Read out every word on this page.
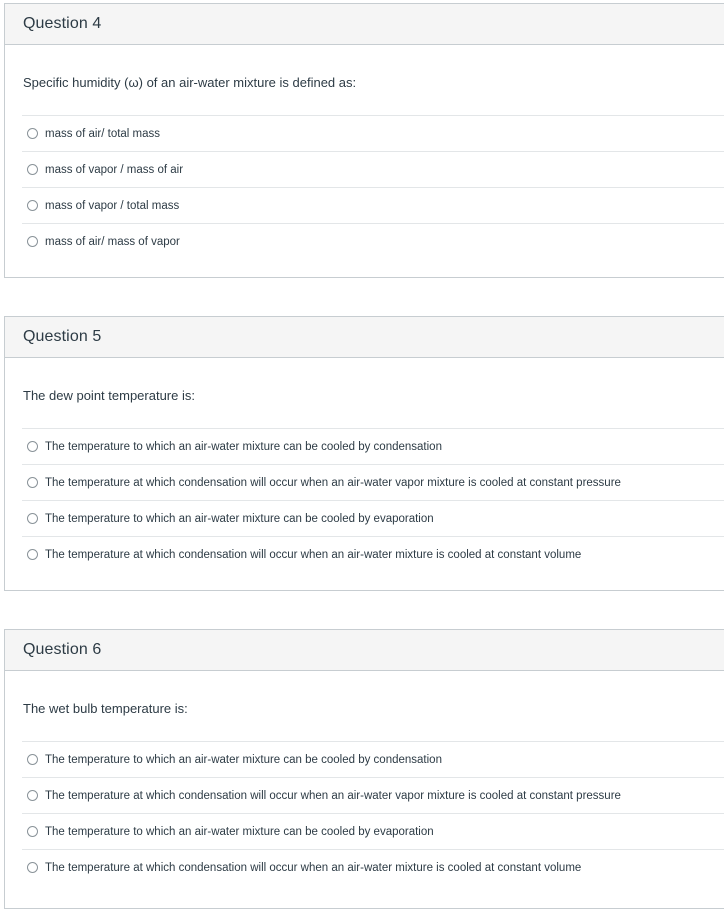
Question 4
Specific humidity (ω) of an air-water mixture is defined as:
mass of air/ total mass
mass of vapor / mass of air
mass of vapor / total mass
mass of air/ mass of vapor
Question 5
The dew point temperature is:
The temperature to which an air-water mixture can be cooled by condensation
The temperature at which condensation will occur when an air-water vapor mixture is cooled at constant pressure
The temperature to which an air-water mixture can be cooled by evaporation
The temperature at which condensation will occur when an air-water mixture is cooled at constant volume
Question 6
The wet bulb temperature is:
The temperature to which an air-water mixture can be cooled by condensation
The temperature at which condensation will occur when an air-water vapor mixture is cooled at constant pressure
The temperature to which an air-water mixture can be cooled by evaporation
The temperature at which condensation will occur when an air-water mixture is cooled at constant volume
